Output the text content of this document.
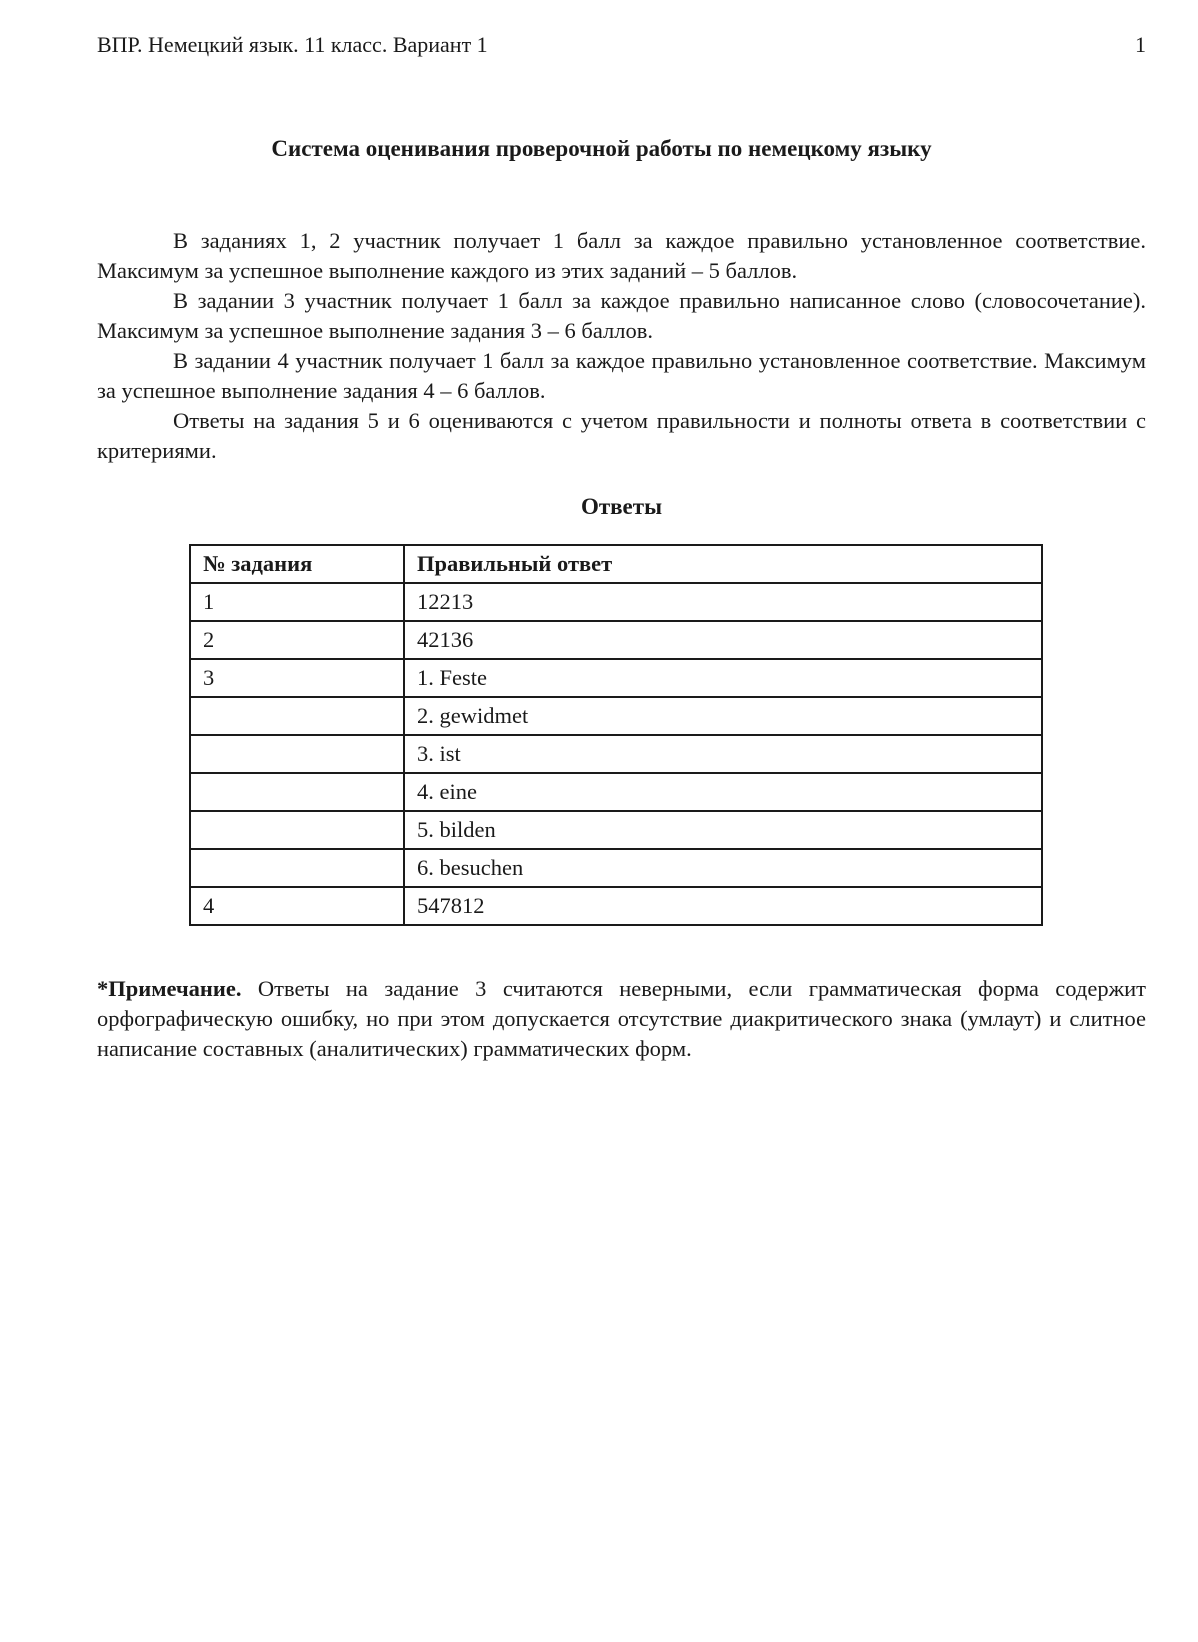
ВПР. Немецкий язык. 11 класс. Вариант 1	1
Система оценивания проверочной работы по немецкому языку

В заданиях 1, 2 участник получает 1 балл за каждое правильно установленное соответствие. Максимум за успешное выполнение каждого из этих заданий – 5 баллов.

В задании 3 участник получает 1 балл за каждое правильно написанное слово (словосочетание). Максимум за успешное выполнение задания 3 – 6 баллов.

В задании 4 участник получает 1 балл за каждое правильно установленное соответствие. Максимум за успешное выполнение задания 4 – 6 баллов.

Ответы на задания 5 и 6 оцениваются с учетом правильности и полноты ответа в соответствии с критериями.

Ответы
№ задания	Правильный ответ
1	12213
2	42136
3	1. Feste
	2. gewidmet
	3. ist
	4. eine
	5. bilden
	6. besuchen
4	547812
*Примечание. Ответы на задание 3 считаются неверными, если грамматическая форма содержит орфографическую ошибку, но при этом допускается отсутствие диакритического знака (умлаут) и слитное написание составных (аналитических) грамматических форм.
